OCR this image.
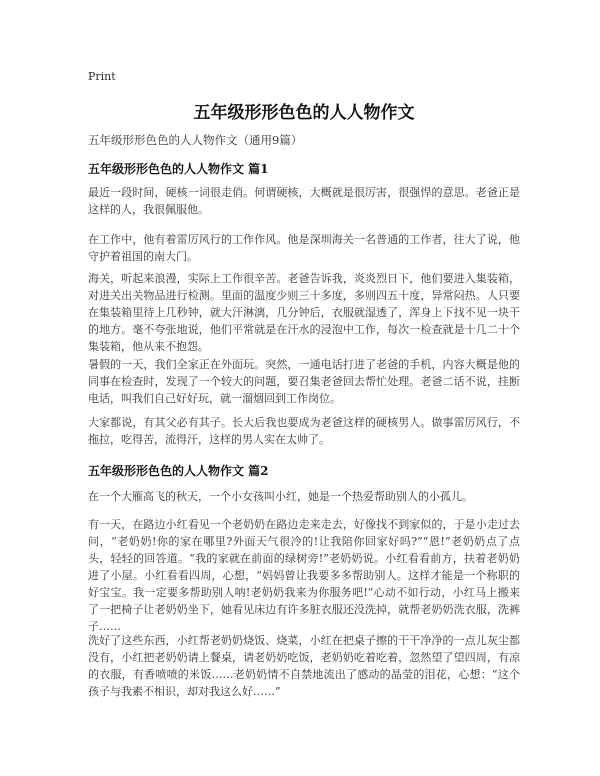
Print
五年级形形色色的人人物作文
五年级形形色色的人人物作文（通用9篇）
五年级形形色色的人人物作文 篇1

最近一段时间，硬核一词很走俏。何谓硬核，大概就是很厉害，很强悍的意思。老爸正是这样的人，我很佩服他。

在工作中，他有着雷厉风行的工作作风。他是深圳海关一名普通的工作者，往大了说，他守护着祖国的南大门。

海关，听起来浪漫，实际上工作很辛苦。老爸告诉我，炎炎烈日下，他们要进入集装箱，对进关出关物品进行检测。里面的温度少则三十多度，多则四五十度，异常闷热。人只要在集装箱里待上几秒钟，就大汗淋漓，几分钟后，衣服就湿透了，浑身上下找不见一块干的地方。毫不夸张地说，他们平常就是在汗水的浸泡中工作，每次一检查就是十几二十个集装箱，他从来不抱怨。

暑假的一天，我们全家正在外面玩。突然，一通电话打进了老爸的手机，内容大概是他的同事在检查时，发现了一个较大的问题，要召集老爸回去帮忙处理。老爸二话不说，挂断电话，叫我们自己好好玩，就一溜烟回到工作岗位。

大家都说，有其父必有其子。长大后我也要成为老爸这样的硬核男人。做事雷厉风行，不拖拉，吃得苦，流得汗，这样的男人实在太帅了。

五年级形形色色的人人物作文 篇2

在一个大雁高飞的秋天，一个小女孩叫小红，她是一个热爱帮助别人的小孤儿。

有一天，在路边小红看见一个老奶奶在路边走来走去，好像找不到家似的，于是小走过去问，“老奶奶!你的家在哪里?外面天气很冷的!让我陪你回家好吗?”“恩!”老奶奶点了点头，轻轻的回答道。“我的家就在前面的绿树旁!”老奶奶说。小红看看前方，扶着老奶奶进了小屋。小红看看四周，心想，“妈妈曾让我要多多帮助别人。这样才能是一个称职的好宝宝。我一定要多帮助别人呐!老奶奶我来为你服务吧!”心动不如行动，小红马上搬来了一把椅子让老奶奶坐下，她看见床边有许多脏衣服还没洗掉，就帮老奶奶洗衣服，洗裤子……

洗好了这些东西，小红帮老奶奶烧饭、烧菜，小红在把桌子擦的干干净净的一点儿灰尘都没有，小红把老奶奶请上餐桌，请老奶奶吃饭，老奶奶吃着吃着，忽然望了望四周，有凉的衣服，有香喷喷的米饭……老奶奶情不自禁地流出了感动的晶莹的泪花，心想：“这个孩子与我素不相识，却对我这么好……”
